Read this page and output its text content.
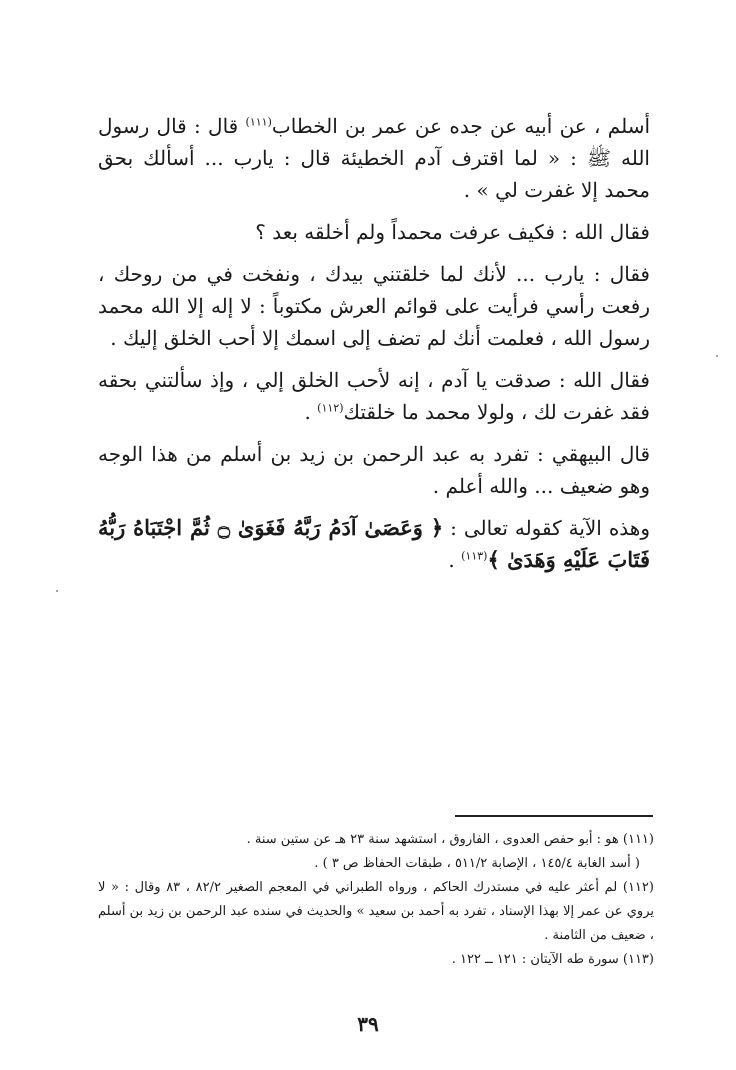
أسلم ، عن أبيه عن جده عن عمر بن الخطاب$^{(١١١)}$ قال : قال رسول الله ﷺ : « لما اقترف آدم الخطيئة قال : يارب ... أسألك بحق محمد إلا غفرت لي » .

فقال الله : فكيف عرفت محمداً ولم أخلقه بعد ؟

فقال : يارب ... لأنك لما خلقتني بيدك ، ونفخت في من روحك ، رفعت رأسي فرأيت على قوائم العرش مكتوباً : لا إله إلا الله محمد رسول الله ، فعلمت أنك لم تضف إلى اسمك إلا أحب الخلق إليك .

فقال الله : صدقت يا آدم ، إنه لأحب الخلق إلي ، وإذ سألتني بحقه فقد غفرت لك ، ولولا محمد ما خلقتك$^{(١١٢)}$ .

قال البيهقي : تفرد به عبد الرحمن بن زيد بن أسلم من هذا الوجه وهو ضعيف ... والله أعلم .

وهذه الآية كقوله تعالى : ﴿ وَعَصَىٰ آدَمُ رَبَّهُ فَغَوَىٰ ۝ ثُمَّ اجْتَبَاهُ رَبُّهُ فَتَابَ عَلَيْهِ وَهَدَىٰ ﴾$^{(١١٣)}$ .

(١١١) هو : أبو حفص العدوى ، الفاروق ، استشهد سنة ٢٣ هـ عن ستين سنة .

( أسد الغابة ١٤٥/٤ ، الإصابة ٥١١/٢ ، طبقات الحفاظ ص ٣ ) .

(١١٢) لم أعثر عليه في مستدرك الحاكم ، ورواه الطبراني في المعجم الصغير ٨٢/٢ ، ٨٣ وقال : « لا يروي عن عمر إلا بهذا الإسناد ، تفرد به أحمد بن سعيد » والحديث في سنده عبد الرحمن بن زيد بن أسلم ، ضعيف من الثامنة .

(١١٣) سورة طه الآيتان : ١٢١ ــ ١٢٢ .

٣٩
